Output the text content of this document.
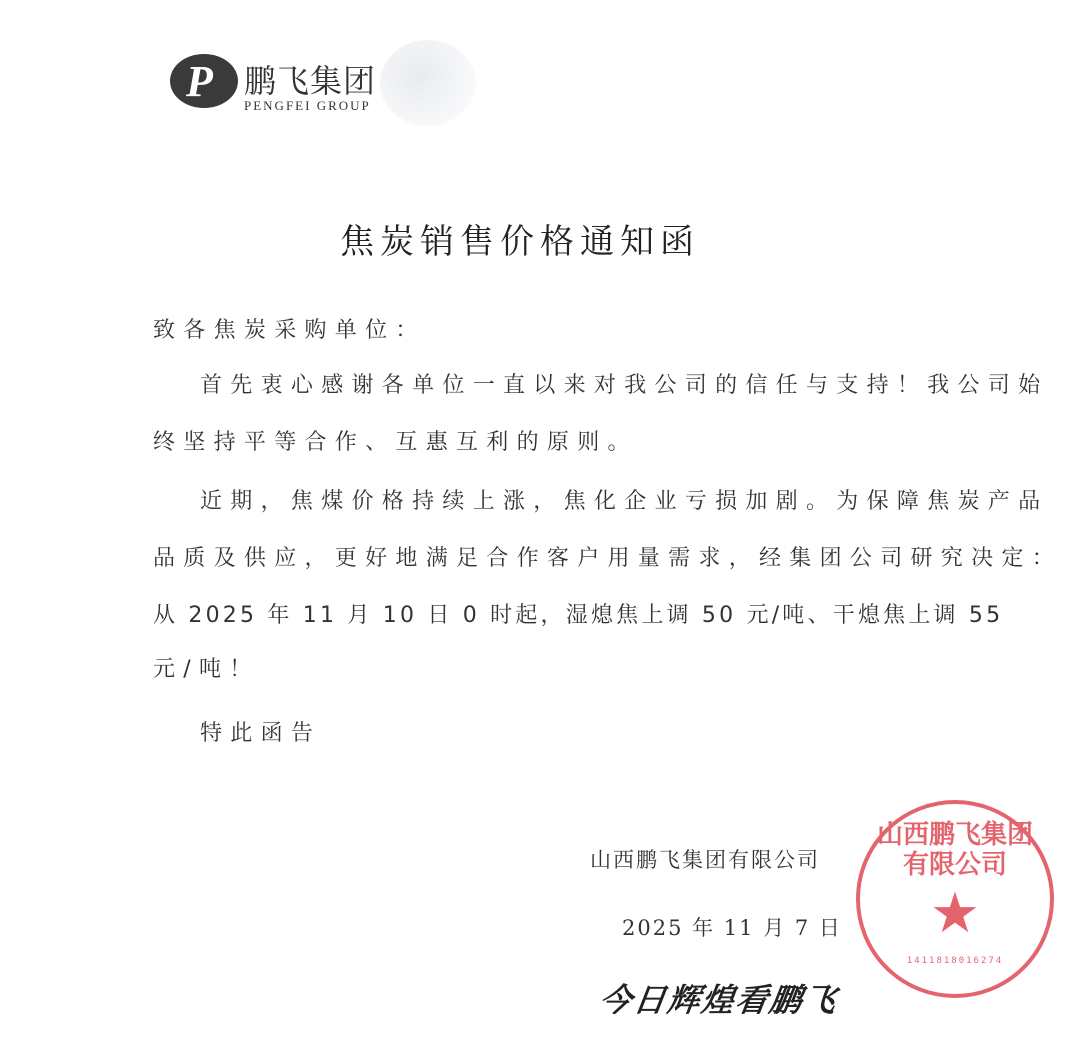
P 鹏飞集团
PENGFEI GROUP
焦炭销售价格通知函
致各焦炭采购单位：
首先衷心感谢各单位一直以来对我公司的信任与支持！我公司始
终坚持平等合作、互惠互利的原则。
近期，焦煤价格持续上涨，焦化企业亏损加剧。为保障焦炭产品
品质及供应，更好地满足合作客户用量需求，经集团公司研究决定：
从 2025 年 11 月 10 日 0 时起，湿熄焦上调 50 元/吨、干熄焦上调 55
元/吨！
特此函告
山西鹏飞集团有限公司
2025 年 11 月 7 日
山西鹏飞集团有限公司
★
1411818016274
今日辉煌看鹏飞
